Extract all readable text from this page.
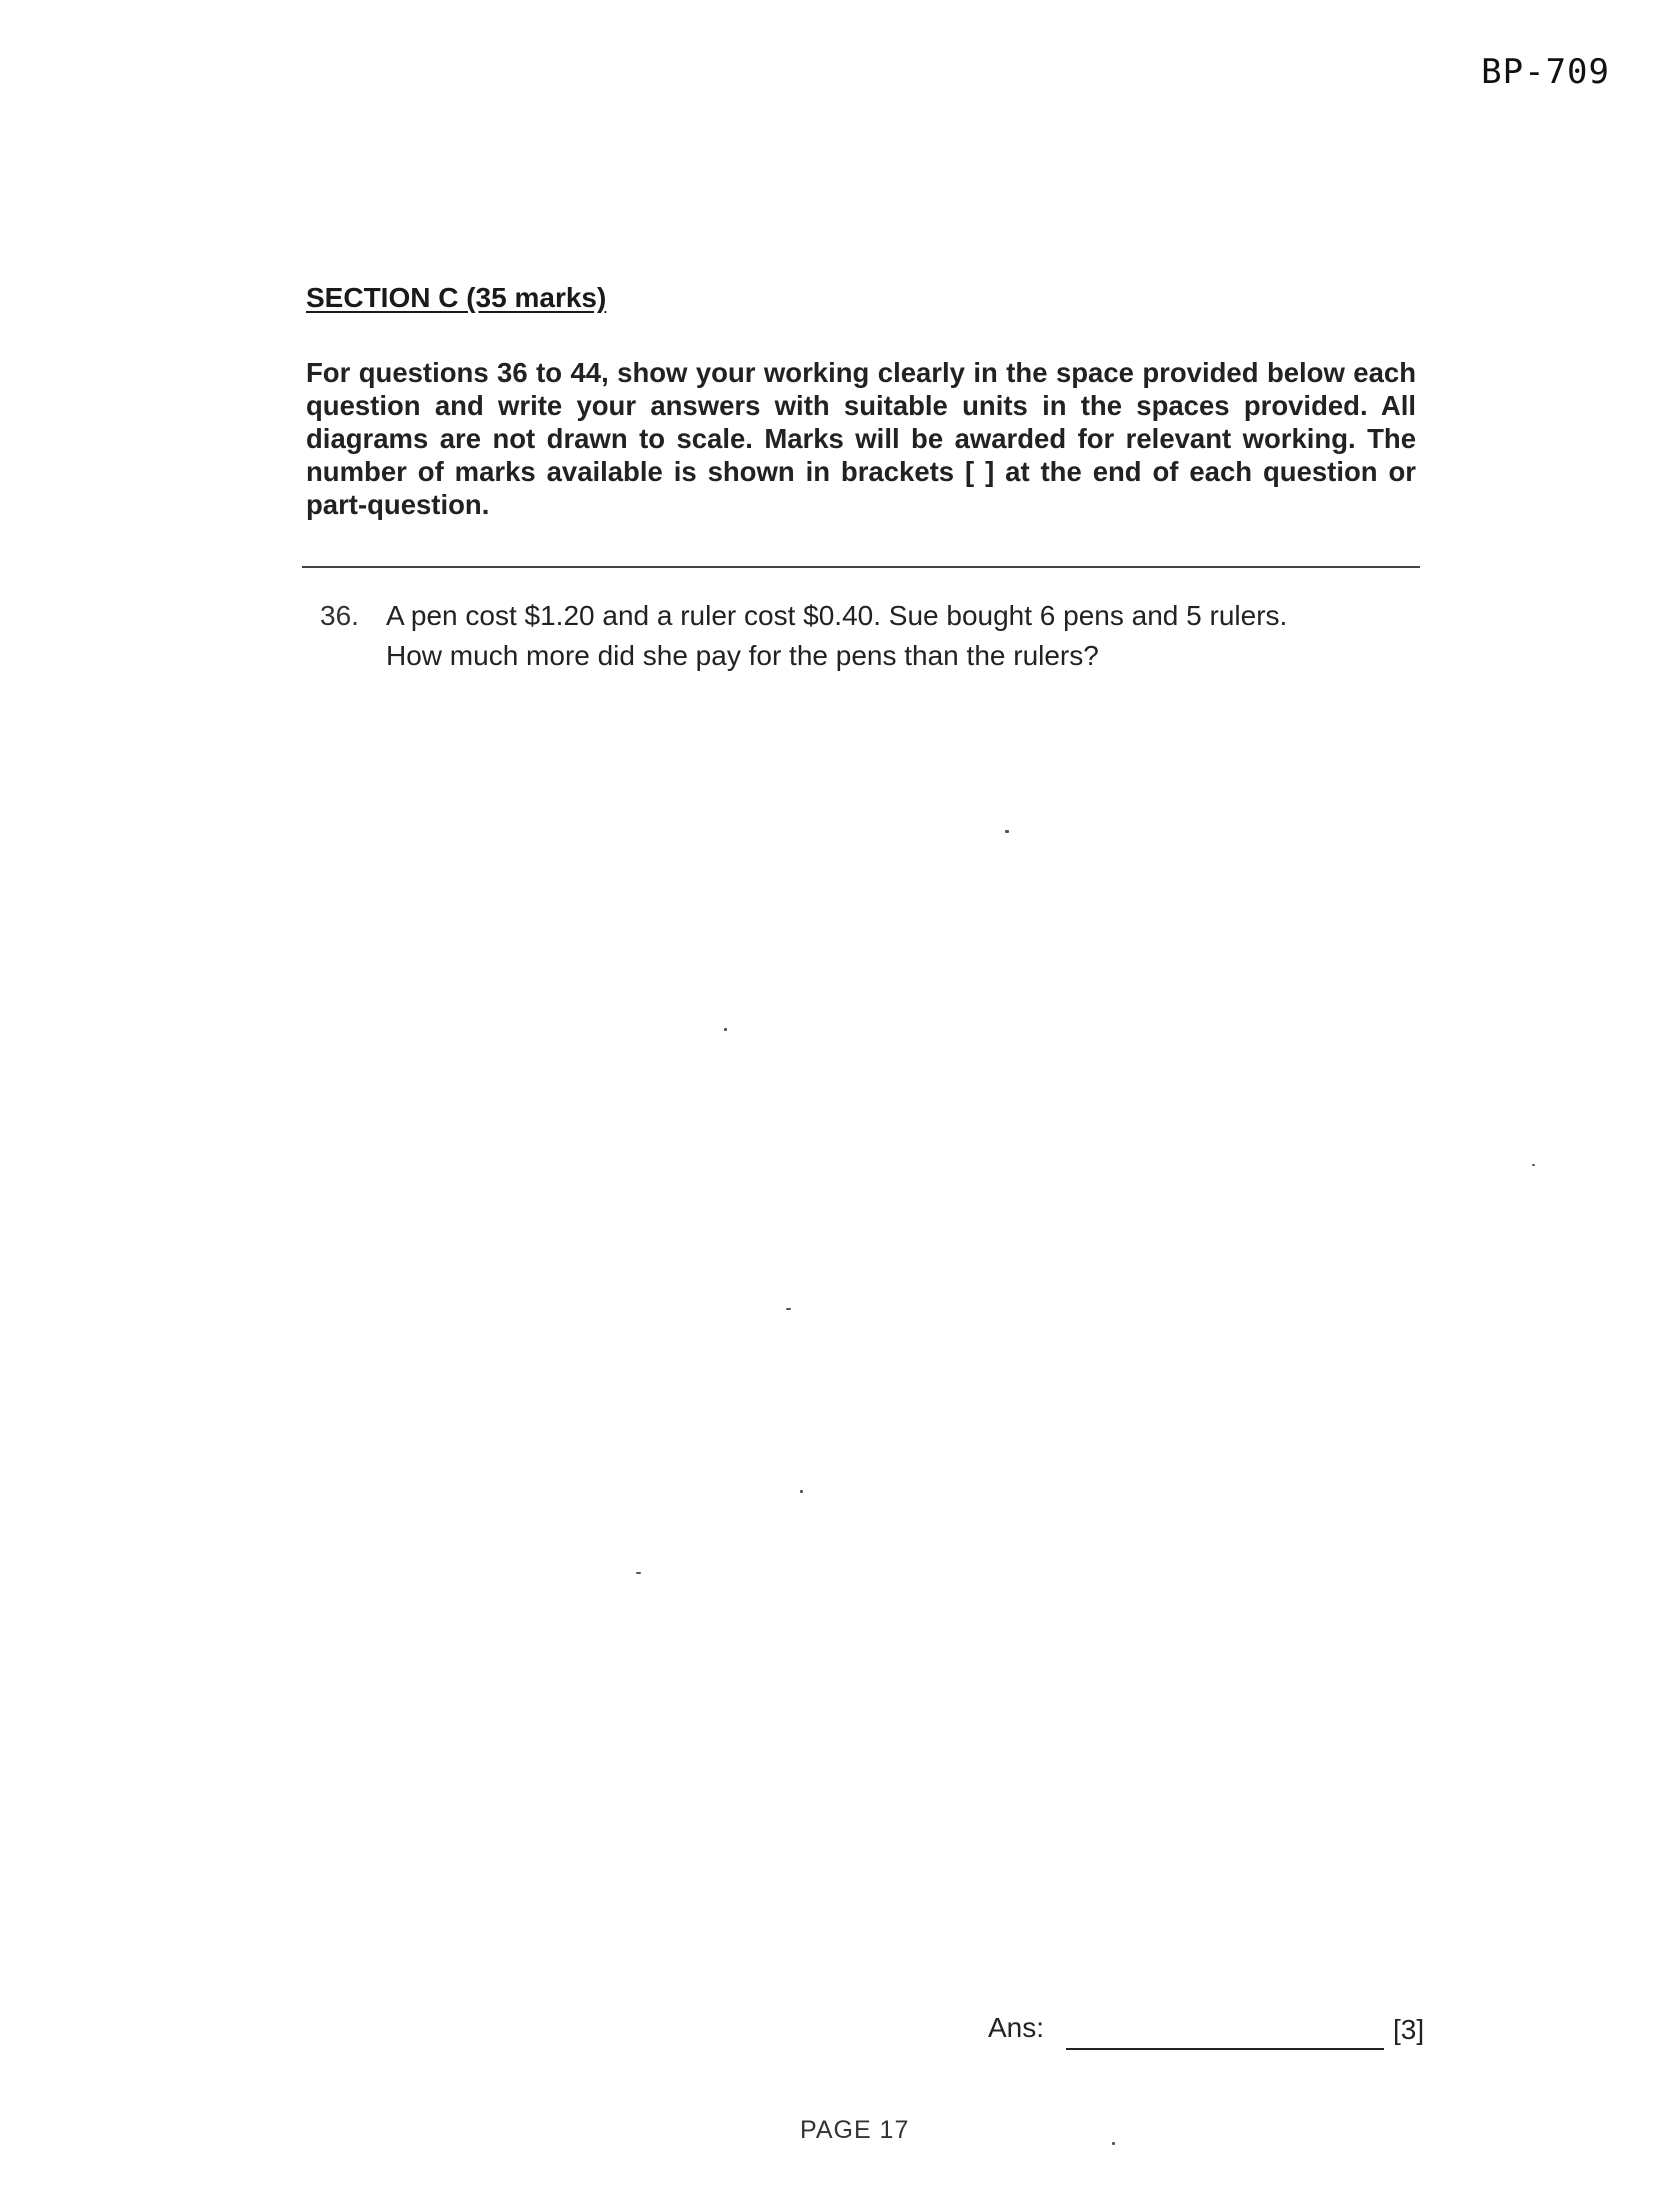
BP-709
SECTION C (35 marks)
For questions 36 to 44, show your working clearly in the space provided below each question and write your answers with suitable units in the spaces provided. All diagrams are not drawn to scale. Marks will be awarded for relevant working. The number of marks available is shown in brackets [ ] at the end of each question or part-question.
36. A pen cost $1.20 and a ruler cost $0.40. Sue bought 6 pens and 5 rulers.
How much more did she pay for the pens than the rulers?
Ans:	[3]
PAGE 17
